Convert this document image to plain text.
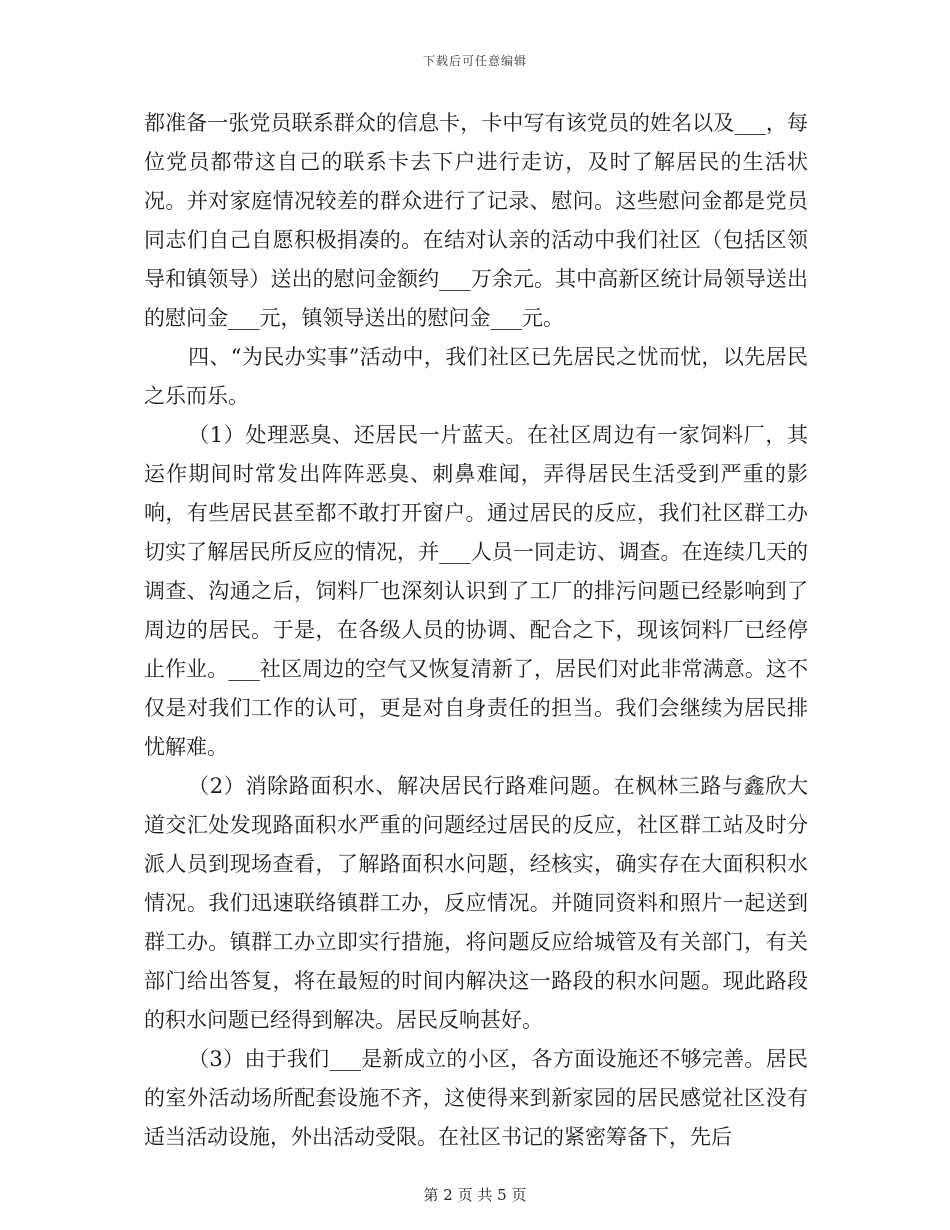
下载后可任意编辑

都准备一张党员联系群众的信息卡，卡中写有该党员的姓名以及___，每位党员都带这自己的联系卡去下户进行走访，及时了解居民的生活状况。并对家庭情况较差的群众进行了记录、慰问。这些慰问金都是党员同志们自己自愿积极捐凑的。在结对认亲的活动中我们社区（包括区领导和镇领导）送出的慰问金额约___万余元。其中高新区统计局领导送出的慰问金___元，镇领导送出的慰问金___元。

四、“为民办实事”活动中，我们社区已先居民之忧而忧，以先居民之乐而乐。

（1）处理恶臭、还居民一片蓝天。在社区周边有一家饲料厂，其运作期间时常发出阵阵恶臭、刺鼻难闻，弄得居民生活受到严重的影响，有些居民甚至都不敢打开窗户。通过居民的反应，我们社区群工办切实了解居民所反应的情况，并___人员一同走访、调查。在连续几天的调查、沟通之后，饲料厂也深刻认识到了工厂的排污问题已经影响到了周边的居民。于是，在各级人员的协调、配合之下，现该饲料厂已经停止作业。___社区周边的空气又恢复清新了，居民们对此非常满意。这不仅是对我们工作的认可，更是对自身责任的担当。我们会继续为居民排忧解难。

（2）消除路面积水、解决居民行路难问题。在枫林三路与鑫欣大道交汇处发现路面积水严重的问题经过居民的反应，社区群工站及时分派人员到现场查看，了解路面积水问题，经核实，确实存在大面积积水情况。我们迅速联络镇群工办，反应情况。并随同资料和照片一起送到群工办。镇群工办立即实行措施，将问题反应给城管及有关部门，有关部门给出答复，将在最短的时间内解决这一路段的积水问题。现此路段的积水问题已经得到解决。居民反响甚好。

（3）由于我们___是新成立的小区，各方面设施还不够完善。居民的室外活动场所配套设施不齐，这使得来到新家园的居民感觉社区没有适当活动设施，外出活动受限。在社区书记的紧密筹备下，先后

第 2 页 共 5 页
